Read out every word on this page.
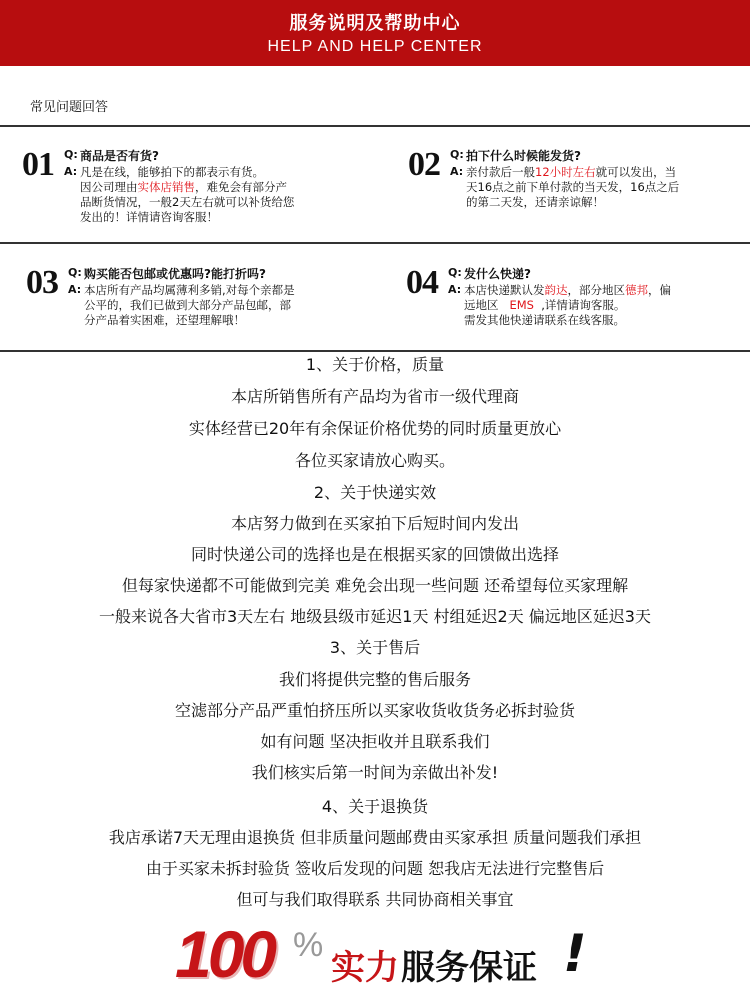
服务说明及帮助中心
HELP AND HELP CENTER
常见问题回答
01 Q:
A:
商品是否有货?
凡是在线，能够拍下的都表示有货。
因公司理由实体店销售，难免会有部分产
品断货情况，一般2天左右就可以补货给您
发出的！详情请咨询客服！
02 Q:
A:
拍下什么时候能发货?
亲付款后一般12小时左右就可以发出，当
天16点之前下单付款的当天发，16点之后
的第二天发，还请亲谅解！
03 Q:
A:
购买能否包邮或优惠吗?能打折吗?
本店所有产品均属薄利多销,对每个亲都是
公平的，我们已做到大部分产品包邮，部
分产品着实困难，还望理解哦！
04 Q:
A:
发什么快递?
本店快递默认发韵达，部分地区德邦，偏
远地区 EMS ,详情请询客服。
需发其他快递请联系在线客服。
1、关于价格，质量
本店所销售所有产品均为省市一级代理商
实体经营已20年有余保证价格优势的同时质量更放心
各位买家请放心购买。
2、关于快递实效
本店努力做到在买家拍下后短时间内发出
同时快递公司的选择也是在根据买家的回馈做出选择
但每家快递都不可能做到完美 难免会出现一些问题 还希望每位买家理解
一般来说各大省市3天左右 地级县级市延迟1天 村组延迟2天 偏远地区延迟3天
3、关于售后
我们将提供完整的售后服务
空滤部分产品严重怕挤压所以买家收货收货务必拆封验货
如有问题 坚决拒收并且联系我们
我们核实后第一时间为亲做出补发!
4、关于退换货
我店承诺7天无理由退换货 但非质量问题邮费由买家承担 质量问题我们承担
由于买家未拆封验货 签收后发现的问题 恕我店无法进行完整售后
但可与我们取得联系 共同协商相关事宜
100 %
实力 服务保证 !
